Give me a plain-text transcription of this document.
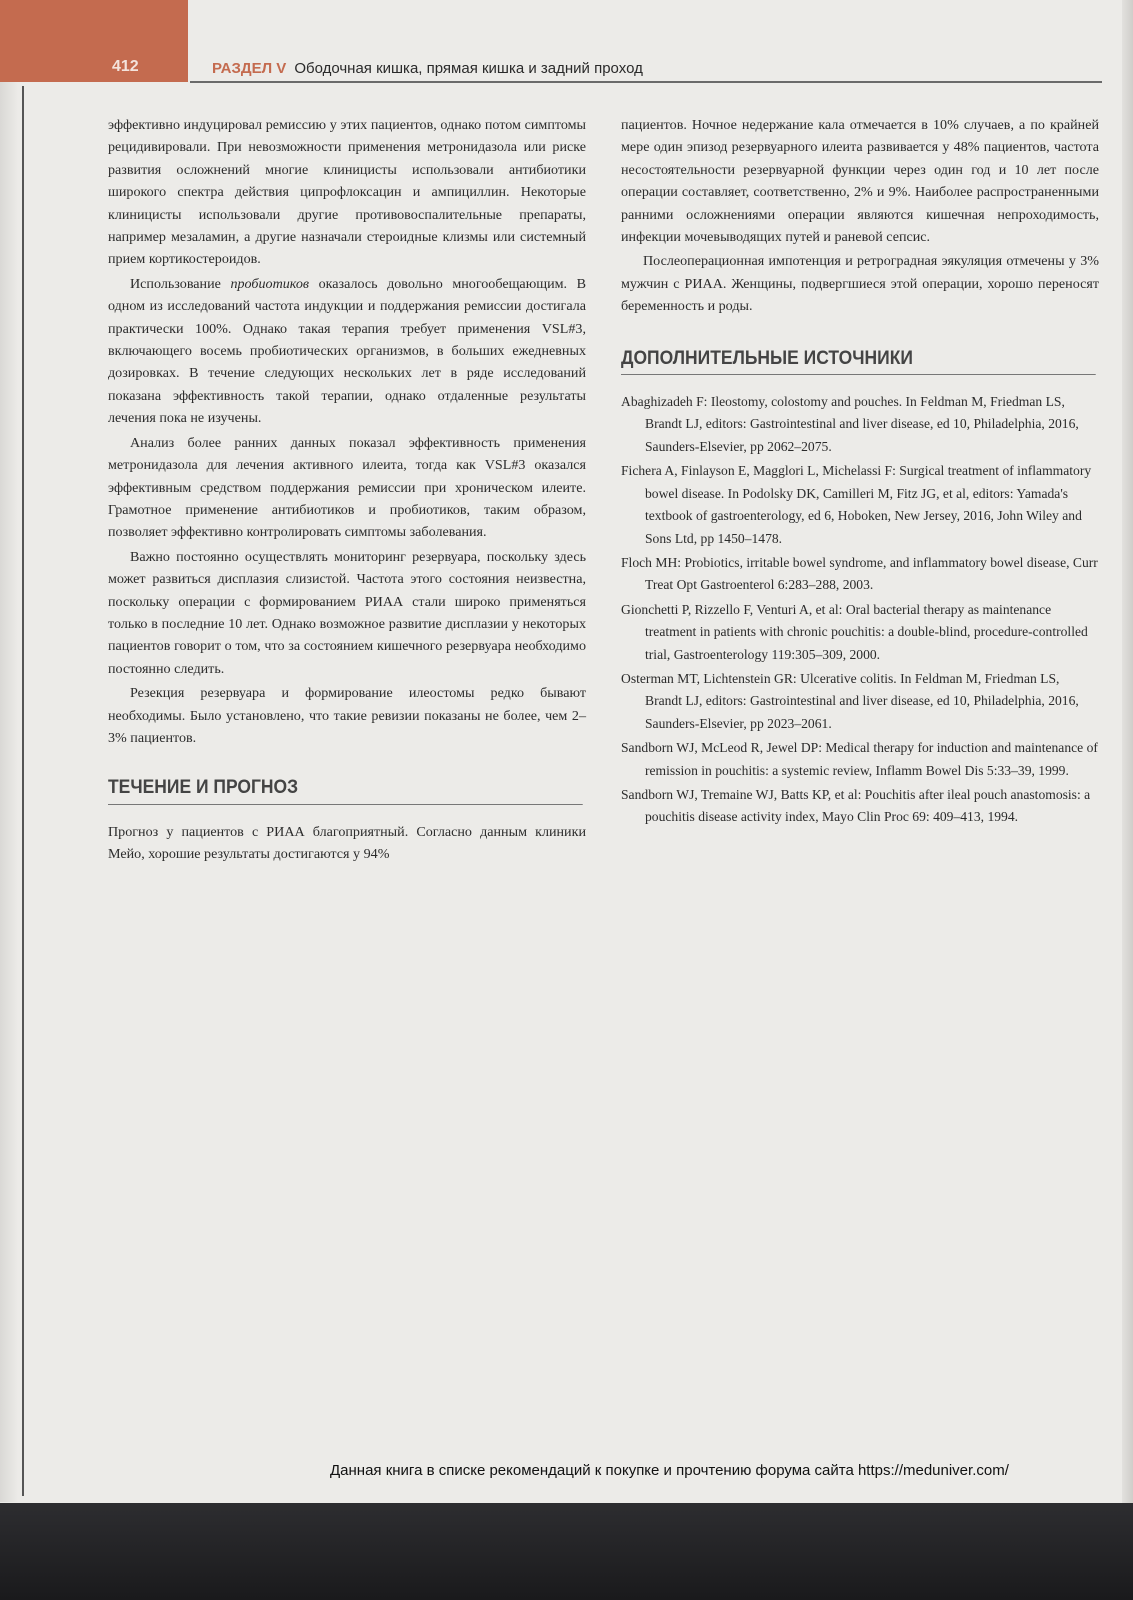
412	РАЗДЕЛ V Ободочная кишка, прямая кишка и задний проход

эффективно индуцировал ремиссию у этих пациентов, однако потом симптомы рецидивировали. При невозможности применения метронидазола или риске развития осложнений многие клиницисты использовали антибиотики широкого спектра действия ципрофлоксацин и ампициллин. Некоторые клиницисты использовали другие противовоспалительные препараты, например мезаламин, а другие назначали стероидные клизмы или системный прием кортикостероидов.

Использование пробиотиков оказалось довольно многообещающим. В одном из исследований частота индукции и поддержания ремиссии достигала практически 100%. Однако такая терапия требует применения VSL#3, включающего восемь пробиотических организмов, в больших ежедневных дозировках. В течение следующих нескольких лет в ряде исследований показана эффективность такой терапии, однако отдаленные результаты лечения пока не изучены.

Анализ более ранних данных показал эффективность применения метронидазола для лечения активного илеита, тогда как VSL#3 оказался эффективным средством поддержания ремиссии при хроническом илеите. Грамотное применение антибиотиков и пробиотиков, таким образом, позволяет эффективно контролировать симптомы заболевания.

Важно постоянно осуществлять мониторинг резервуара, поскольку здесь может развиться дисплазия слизистой. Частота этого состояния неизвестна, поскольку операции с формированием РИАА стали широко применяться только в последние 10 лет. Однако возможное развитие дисплазии у некоторых пациентов говорит о том, что за состоянием кишечного резервуара необходимо постоянно следить.

Резекция резервуара и формирование илеостомы редко бывают необходимы. Было установлено, что такие ревизии показаны не более, чем 2–3% пациентов.

ТЕЧЕНИЕ И ПРОГНОЗ

Прогноз у пациентов с РИАА благоприятный. Согласно данным клиники Мейо, хорошие результаты достигаются у 94%

пациентов. Ночное недержание кала отмечается в 10% случаев, а по крайней мере один эпизод резервуарного илеита развивается у 48% пациентов, частота несостоятельности резервуарной функции через один год и 10 лет после операции составляет, соответственно, 2% и 9%. Наиболее распространенными ранними осложнениями операции являются кишечная непроходимость, инфекции мочевыводящих путей и раневой сепсис.

Послеоперационная импотенция и ретроградная эякуляция отмечены у 3% мужчин с РИАА. Женщины, подвергшиеся этой операции, хорошо переносят беременность и роды.

ДОПОЛНИТЕЛЬНЫЕ ИСТОЧНИКИ

Abaghizadeh F: Ileostomy, colostomy and pouches. In Feldman M, Friedman LS, Brandt LJ, editors: Gastrointestinal and liver disease, ed 10, Philadelphia, 2016, Saunders-Elsevier, pp 2062–2075.

Fichera A, Finlayson E, Magglori L, Michelassi F: Surgical treatment of inflammatory bowel disease. In Podolsky DK, Camilleri M, Fitz JG, et al, editors: Yamada's textbook of gastroenterology, ed 6, Hoboken, New Jersey, 2016, John Wiley and Sons Ltd, pp 1450–1478.

Floch MH: Probiotics, irritable bowel syndrome, and inflammatory bowel disease, Curr Treat Opt Gastroenterol 6:283–288, 2003.

Gionchetti P, Rizzello F, Venturi A, et al: Oral bacterial therapy as maintenance treatment in patients with chronic pouchitis: a double-blind, procedure-controlled trial, Gastroenterology 119:305–309, 2000.

Osterman MT, Lichtenstein GR: Ulcerative colitis. In Feldman M, Friedman LS, Brandt LJ, editors: Gastrointestinal and liver disease, ed 10, Philadelphia, 2016, Saunders-Elsevier, pp 2023–2061.

Sandborn WJ, McLeod R, Jewel DP: Medical therapy for induction and maintenance of remission in pouchitis: a systemic review, Inflamm Bowel Dis 5:33–39, 1999.

Sandborn WJ, Tremaine WJ, Batts KP, et al: Pouchitis after ileal pouch anastomosis: a pouchitis disease activity index, Mayo Clin Proc 69: 409–413, 1994.

Данная книга в списке рекомендаций к покупке и прочтению форума сайта https://meduniver.com/
